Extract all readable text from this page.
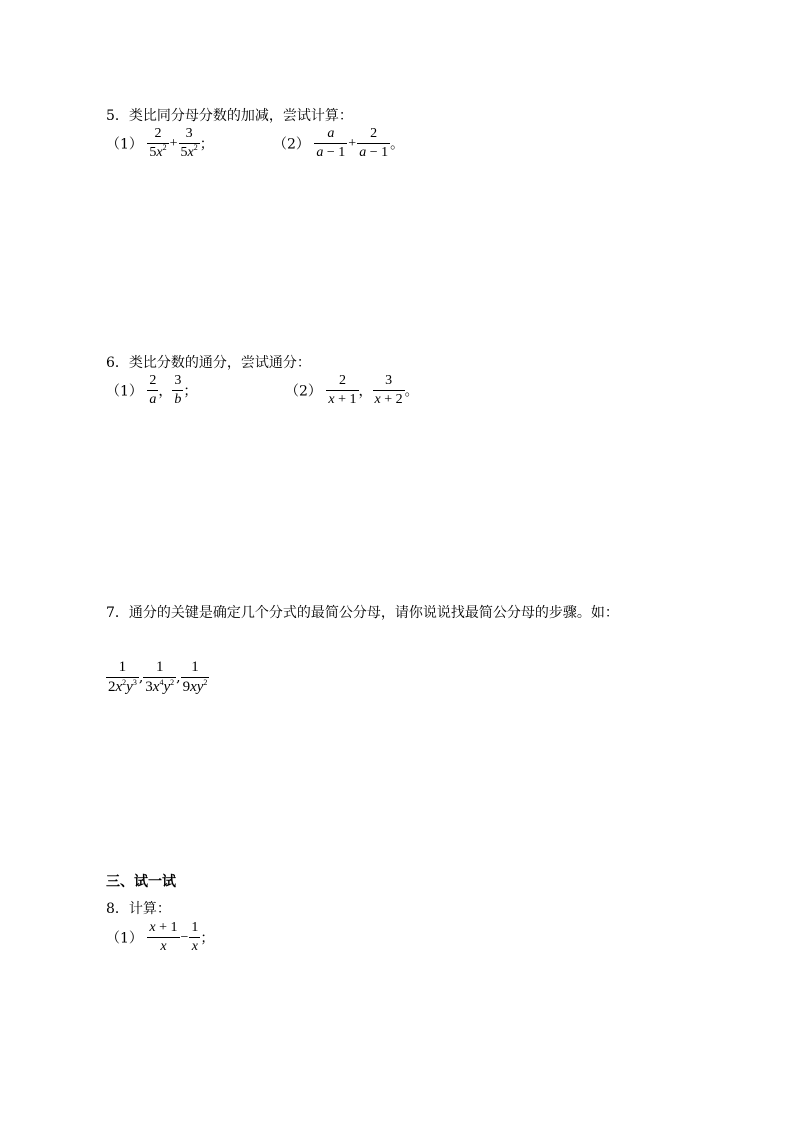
5．类比同分母分数的加减，尝试计算：
$(1) \frac{2}{5x^2} + \frac{3}{5x^2}$ ；	$(2) \frac{a}{a - 1} + \frac{2}{a - 1}$ 。
6．类比分数的通分，尝试通分：
$(1) \frac{2}{a}$ ， $\frac{3}{b}$ ；	$(2) \frac{2}{x + 1}$ ， $\frac{3}{x + 2}$ 。
7．通分的关键是确定几个分式的最简公分母，请你说说找最简公分母的步骤。如：
$\frac{1}{2x^2y^3}$ , $\frac{1}{3x^4y^2}$ , $\frac{1}{9xy^2}$
三、试一试
8．计算：
$(1) \frac{x + 1}{x} - \frac{1}{x}$ ；
